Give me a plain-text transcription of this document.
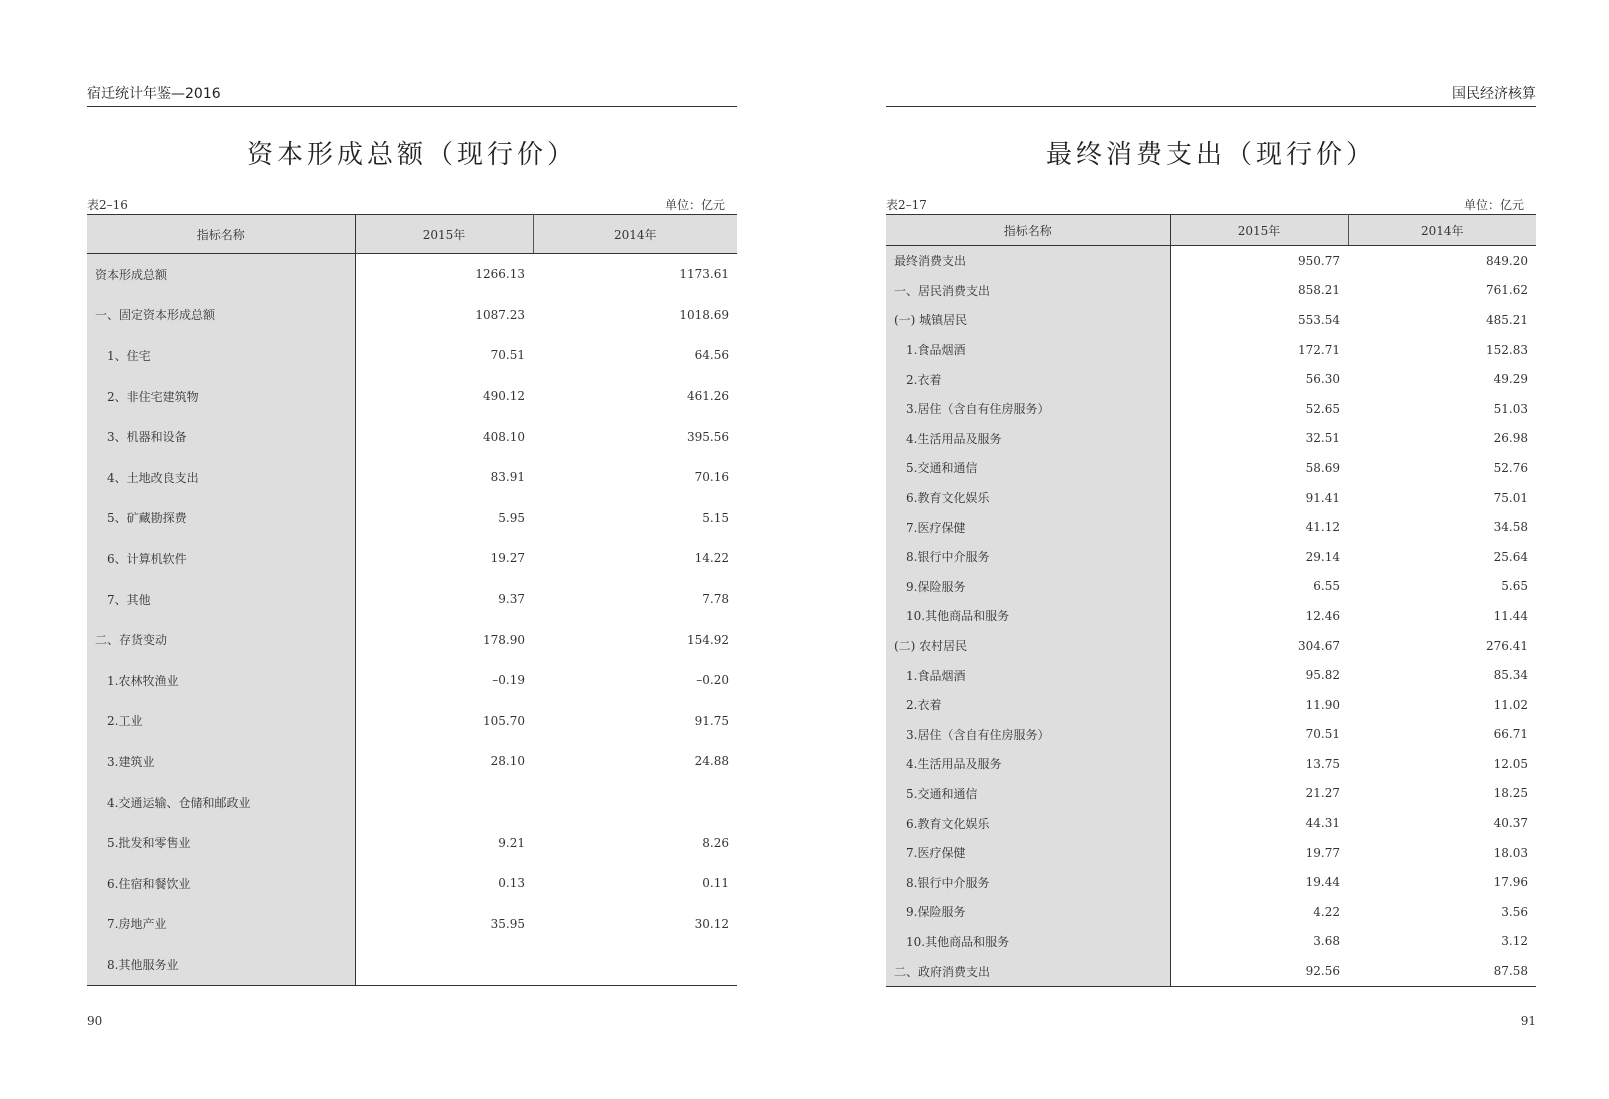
宿迁统计年鉴—2016
资本形成总额（现行价）
表2–16	单位：亿元
指标名称	2015年	2014年
资本形成总额	1266.13	1173.61
一、固定资本形成总额	1087.23	1018.69
1、住宅	70.51	64.56
2、非住宅建筑物	490.12	461.26
3、机器和设备	408.10	395.56
4、土地改良支出	83.91	70.16
5、矿藏勘探费	5.95	5.15
6、计算机软件	19.27	14.22
7、其他	9.37	7.78
二、存货变动	178.90	154.92
1.农林牧渔业	–0.19	–0.20
2.工业	105.70	91.75
3.建筑业	28.10	24.88
4.交通运输、仓储和邮政业		
5.批发和零售业	9.21	8.26
6.住宿和餐饮业	0.13	0.11
7.房地产业	35.95	30.12
8.其他服务业		
90
国民经济核算
最终消费支出（现行价）
表2–17	单位：亿元
指标名称	2015年	2014年
最终消费支出	950.77	849.20
一、居民消费支出	858.21	761.62
(一) 城镇居民	553.54	485.21
1.食品烟酒	172.71	152.83
2.衣着	56.30	49.29
3.居住（含自有住房服务）	52.65	51.03
4.生活用品及服务	32.51	26.98
5.交通和通信	58.69	52.76
6.教育文化娱乐	91.41	75.01
7.医疗保健	41.12	34.58
8.银行中介服务	29.14	25.64
9.保险服务	6.55	5.65
10.其他商品和服务	12.46	11.44
(二) 农村居民	304.67	276.41
1.食品烟酒	95.82	85.34
2.衣着	11.90	11.02
3.居住（含自有住房服务）	70.51	66.71
4.生活用品及服务	13.75	12.05
5.交通和通信	21.27	18.25
6.教育文化娱乐	44.31	40.37
7.医疗保健	19.77	18.03
8.银行中介服务	19.44	17.96
9.保险服务	4.22	3.56
10.其他商品和服务	3.68	3.12
二、政府消费支出	92.56	87.58
91
